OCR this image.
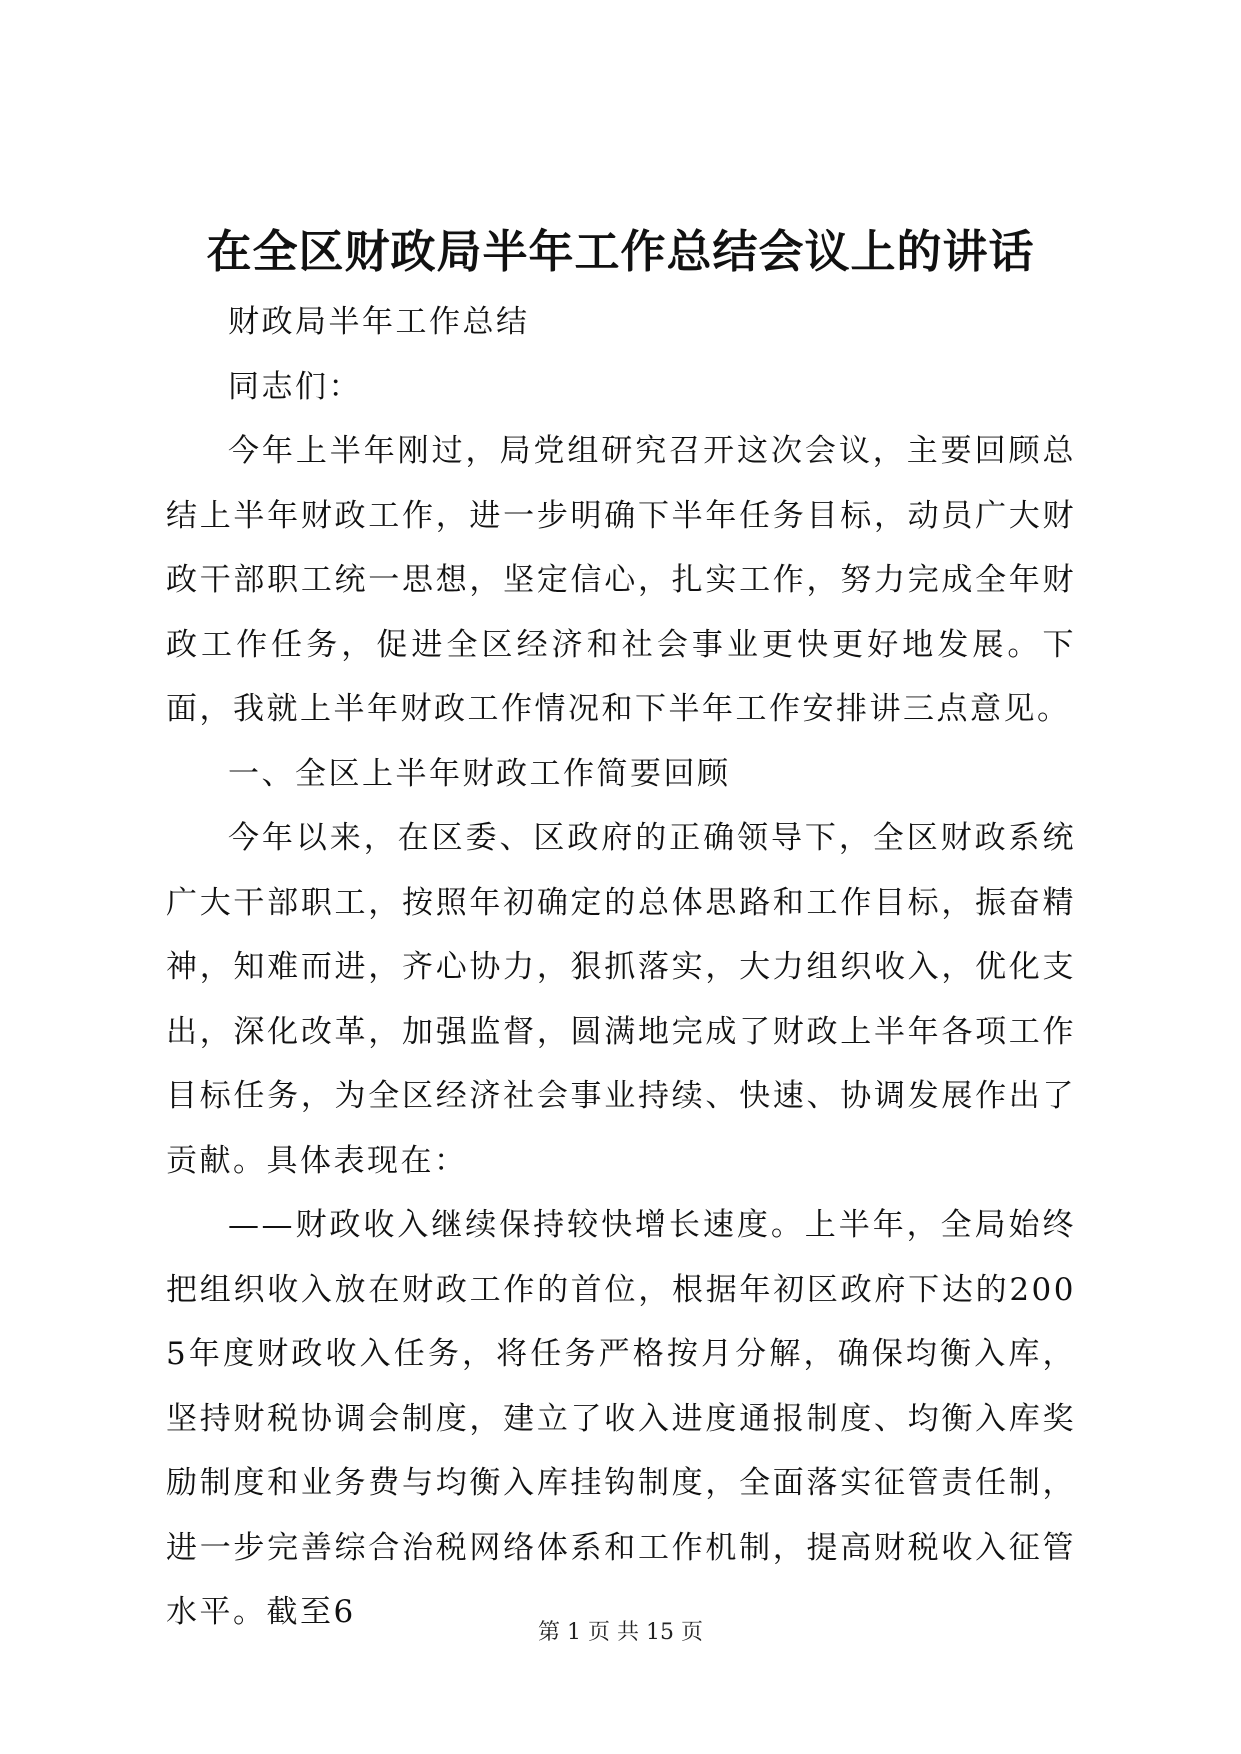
在全区财政局半年工作总结会议上的讲话

财政局半年工作总结

同志们：

今年上半年刚过，局党组研究召开这次会议，主要回顾总结上半年财政工作，进一步明确下半年任务目标，动员广大财政干部职工统一思想，坚定信心，扎实工作，努力完成全年财政工作任务，促进全区经济和社会事业更快更好地发展。下面，我就上半年财政工作情况和下半年工作安排讲三点意见。

一、全区上半年财政工作简要回顾

今年以来，在区委、区政府的正确领导下，全区财政系统广大干部职工，按照年初确定的总体思路和工作目标，振奋精神，知难而进，齐心协力，狠抓落实，大力组织收入，优化支出，深化改革，加强监督，圆满地完成了财政上半年各项工作目标任务，为全区经济社会事业持续、快速、协调发展作出了贡献。具体表现在：

——财政收入继续保持较快增长速度。上半年，全局始终把组织收入放在财政工作的首位，根据年初区政府下达的2005年度财政收入任务，将任务严格按月分解，确保均衡入库，坚持财税协调会制度，建立了收入进度通报制度、均衡入库奖励制度和业务费与均衡入库挂钩制度，全面落实征管责任制，进一步完善综合治税网络体系和工作机制，提高财税收入征管水平。截至6

第 1 页 共 15 页
